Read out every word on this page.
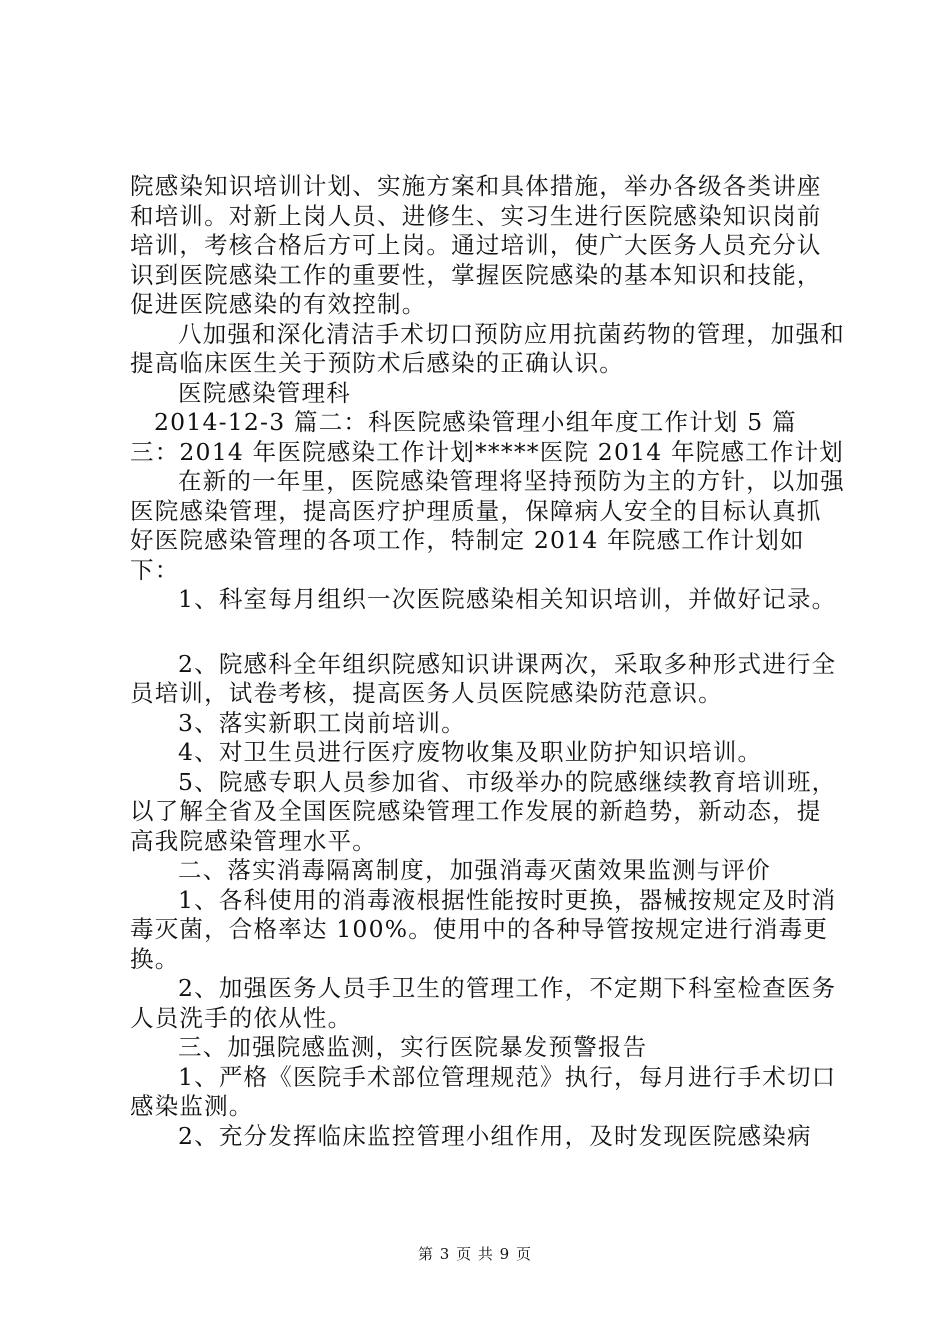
院感染知识培训计划、实施方案和具体措施，举办各级各类讲座和培训。对新上岗人员、进修生、实习生进行医院感染知识岗前培训，考核合格后方可上岗。通过培训，使广大医务人员充分认识到医院感染工作的重要性，掌握医院感染的基本知识和技能，促进医院感染的有效控制。

八加强和深化清洁手术切口预防应用抗菌药物的管理，加强和提高临床医生关于预防术后感染的正确认识。

医院感染管理科

2014-12-3 篇二：科医院感染管理小组年度工作计划 5 篇三：2014 年医院感染工作计划*****医院 2014 年院感工作计划

在新的一年里，医院感染管理将坚持预防为主的方针，以加强医院感染管理，提高医疗护理质量，保障病人安全的目标认真抓好医院感染管理的各项工作，特制定 2014 年院感工作计划如下：

1、科室每月组织一次医院感染相关知识培训，并做好记录。

2、院感科全年组织院感知识讲课两次，采取多种形式进行全员培训，试卷考核，提高医务人员医院感染防范意识。

3、落实新职工岗前培训。

4、对卫生员进行医疗废物收集及职业防护知识培训。

5、院感专职人员参加省、市级举办的院感继续教育培训班，以了解全省及全国医院感染管理工作发展的新趋势，新动态，提高我院感染管理水平。

二、落实消毒隔离制度，加强消毒灭菌效果监测与评价

1、各科使用的消毒液根据性能按时更换，器械按规定及时消毒灭菌，合格率达 100%。使用中的各种导管按规定进行消毒更换。

2、加强医务人员手卫生的管理工作，不定期下科室检查医务人员洗手的依从性。

三、加强院感监测，实行医院暴发预警报告

1、严格《医院手术部位管理规范》执行，每月进行手术切口感染监测。

2、充分发挥临床监控管理小组作用，及时发现医院感染病

第 3 页 共 9 页
